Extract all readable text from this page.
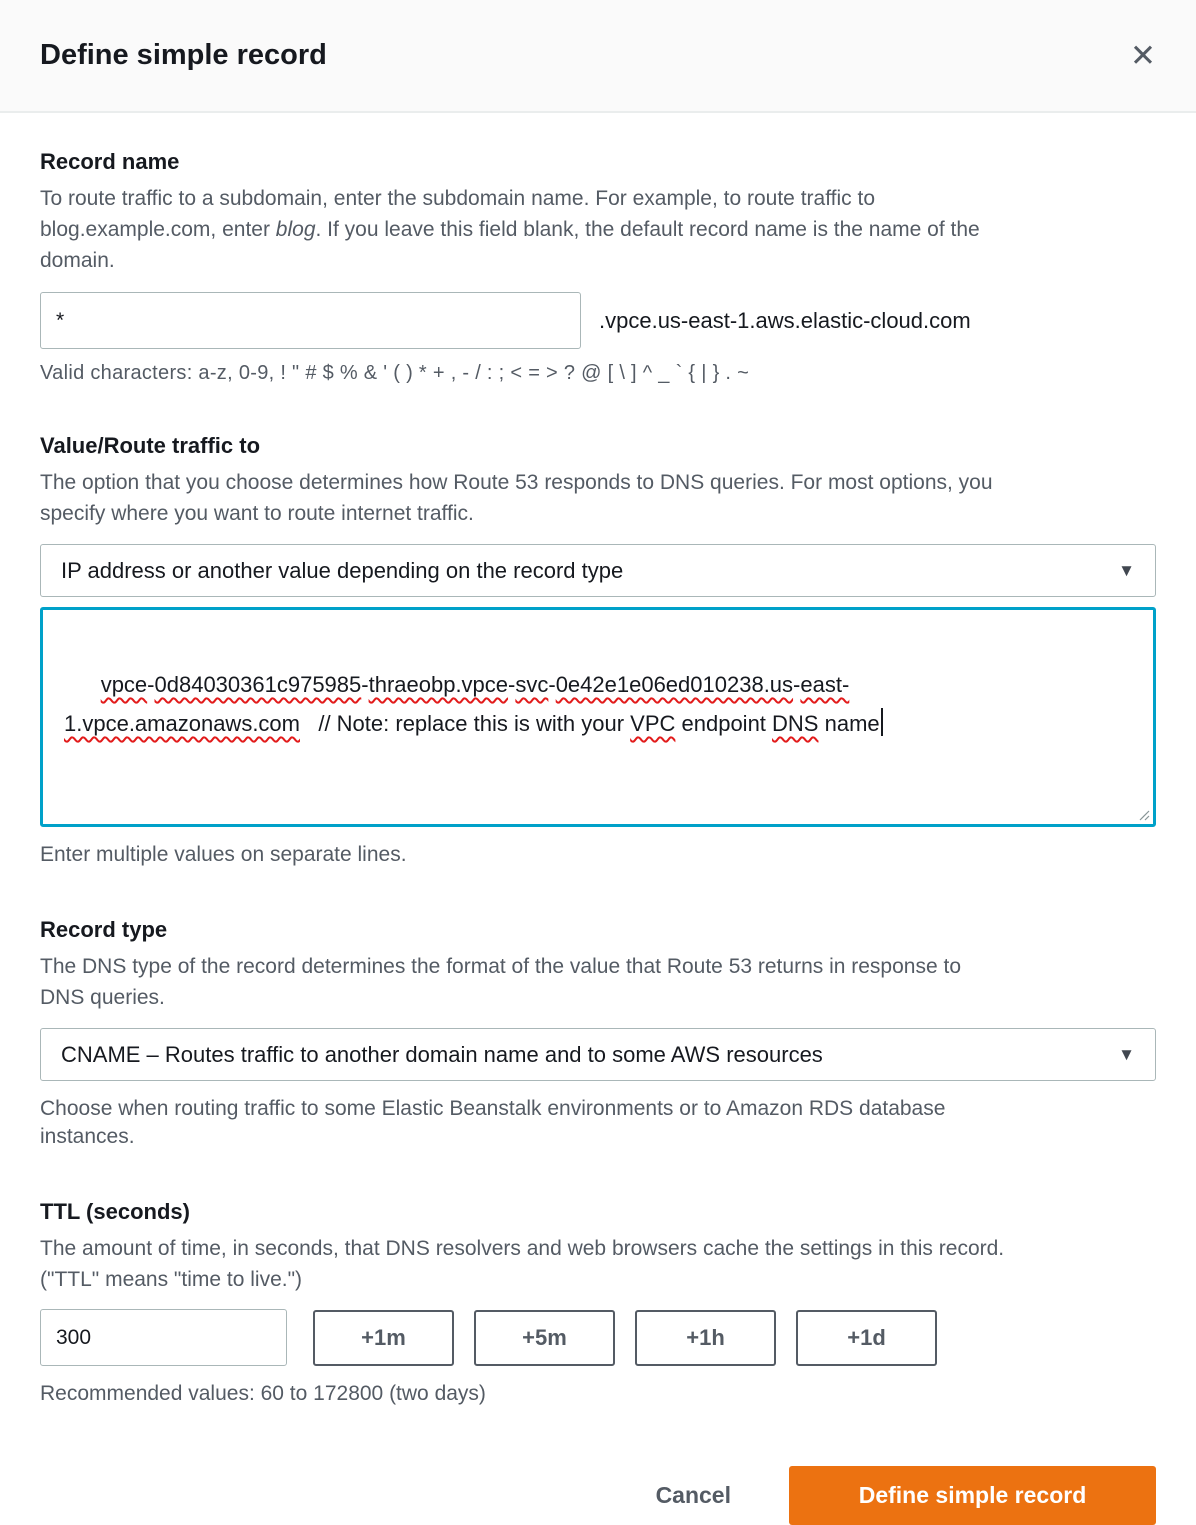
Define simple record	✕
Record name
To route traffic to a subdomain, enter the subdomain name. For example, to route traffic to
blog.example.com, enter blog. If you leave this field blank, the default record name is the name of the
domain.
*
.vpce.us-east-1.aws.elastic-cloud.com
Valid characters: a-z, 0-9, ! " # $ % & ' ( ) * + , - / : ; < = > ? @ [ \ ] ^ _ ` { | } . ~
Value/Route traffic to
The option that you choose determines how Route 53 responds to DNS queries. For most options, you
specify where you want to route internet traffic.
IP address or another value depending on the record type	▼

vpce-0d84030361c975985-thraeobp.vpce-svc-0e42e1e06ed010238.us-east-
1.vpce.amazonaws.com   // Note: replace this is with your VPC endpoint DNS name

Enter multiple values on separate lines.
Record type
The DNS type of the record determines the format of the value that Route 53 returns in response to
DNS queries.
CNAME – Routes traffic to another domain name and to some AWS resources	▼
Choose when routing traffic to some Elastic Beanstalk environments or to Amazon RDS database
instances.
TTL (seconds)
The amount of time, in seconds, that DNS resolvers and web browsers cache the settings in this record.
("TTL" means "time to live.")
300
+1m	+5m	+1h	+1d
Recommended values: 60 to 172800 (two days)
Cancel	Define simple record
